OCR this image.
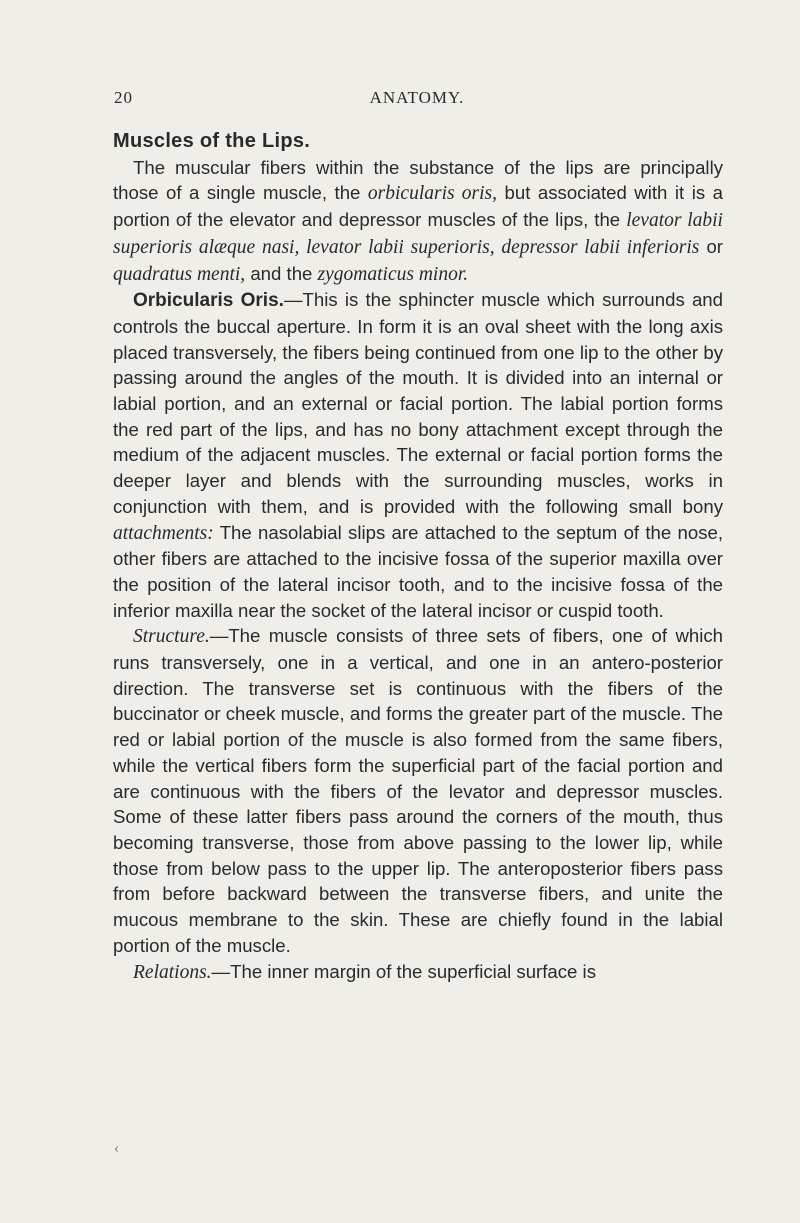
20	ANATOMY.

Muscles of the Lips.

The muscular fibers within the substance of the lips are principally those of a single muscle, the orbicularis oris, but associated with it is a portion of the elevator and depressor muscles of the lips, the levator labii superioris alæque nasi, levator labii superioris, depressor labii inferioris or quadratus menti, and the zygomaticus minor.

Orbicularis Oris.—This is the sphincter muscle which surrounds and controls the buccal aperture. In form it is an oval sheet with the long axis placed transversely, the fibers being continued from one lip to the other by passing around the angles of the mouth. It is divided into an internal or labial portion, and an external or facial portion. The labial portion forms the red part of the lips, and has no bony attachment except through the medium of the adjacent muscles. The external or facial portion forms the deeper layer and blends with the surrounding muscles, works in conjunction with them, and is provided with the following small bony attachments: The nasolabial slips are attached to the septum of the nose, other fibers are attached to the incisive fossa of the superior maxilla over the position of the lateral incisor tooth, and to the incisive fossa of the inferior maxilla near the socket of the lateral incisor or cuspid tooth.

Structure.—The muscle consists of three sets of fibers, one of which runs transversely, one in a vertical, and one in an antero-posterior direction. The transverse set is continuous with the fibers of the buccinator or cheek muscle, and forms the greater part of the muscle. The red or labial portion of the muscle is also formed from the same fibers, while the vertical fibers form the superficial part of the facial portion and are continuous with the fibers of the levator and depressor muscles. Some of these latter fibers pass around the corners of the mouth, thus becoming transverse, those from above passing to the lower lip, while those from below pass to the upper lip. The anteroposterior fibers pass from before backward between the transverse fibers, and unite the mucous membrane to the skin. These are chiefly found in the labial portion of the muscle.

Relations.—The inner margin of the superficial surface is

‹
